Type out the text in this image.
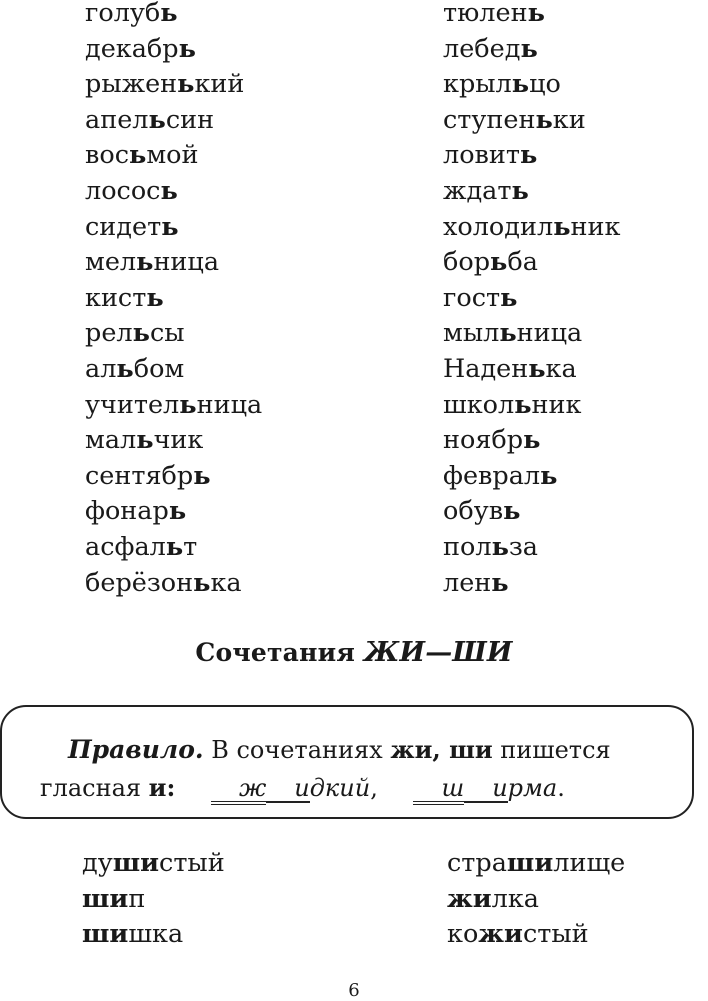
голубь
декабрь
рыженький
апельсин
восьмой
лосось
сидеть
мельница
кисть
рельсы
альбом
учительница
мальчик
сентябрь
фонарь
асфальт
берёзонька
тюлень
лебедь
крыльцо
ступеньки
ловить
ждать
холодильник
борьба
гость
мыльница
Наденька
школьник
ноябрь
февраль
обувь
польза
лень
Сочетания ЖИ—ШИ
Правило. В сочетаниях жи, ши пишется гласная и:	ж идкий,	ш ирма.
душистый
шип
шишка
страшилище
жилка
кожистый
6
